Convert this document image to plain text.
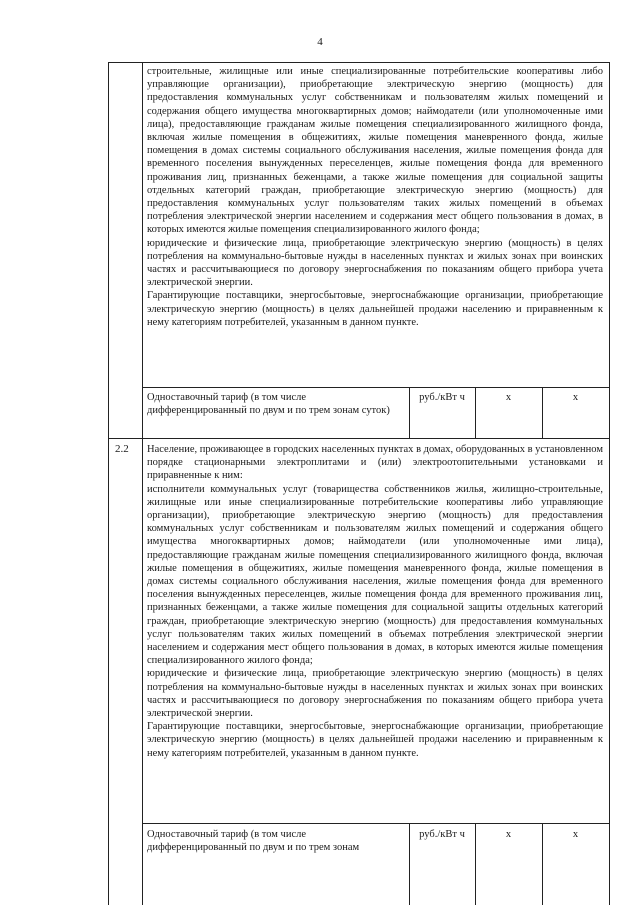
4

строительные, жилищные или иные специализированные потребительские кооперативы либо управляющие организации), приобретающие электрическую энергию (мощность) для предоставления коммунальных услуг собственникам и пользователям жилых помещений и содержания общего имущества многоквартирных домов; наймодатели (или уполномоченные ими лица), предоставляющие гражданам жилые помещения специализированного жилищного фонда, включая жилые помещения в общежитиях, жилые помещения маневренного фонда, жилые помещения в домах системы социального обслуживания населения, жилые помещения фонда для временного поселения вынужденных переселенцев, жилые помещения фонда для временного проживания лиц, признанных беженцами, а также жилые помещения для социальной защиты отдельных категорий граждан, приобретающие электрическую энергию (мощность) для предоставления коммунальных услуг пользователям таких жилых помещений в объемах потребления электрической энергии населением и содержания мест общего пользования в домах, в которых имеются жилые помещения специализированного жилого фонда;

юридические и физические лица, приобретающие электрическую энергию (мощность) в целях потребления на коммунально-бытовые нужды в населенных пунктах и жилых зонах при воинских частях и рассчитывающиеся по договору энергоснабжения по показаниям общего прибора учета электрической энергии.

Гарантирующие поставщики, энергосбытовые, энергоснабжающие организации, приобретающие электрическую энергию (мощность) в целях дальнейшей продажи населению и приравненным к нему категориям потребителей, указанным в данном пункте.

Одноставочный тариф (в том числе дифференцированный по двум и по трем зонам суток)
руб./кВт ч	x	x
2.2 Население, проживающее в городских населенных пунктах в домах, оборудованных в установленном порядке стационарными электроплитами и (или) электроотопительными установками и приравненные к ним:

исполнители коммунальных услуг (товарищества собственников жилья, жилищно-строительные, жилищные или иные специализированные потребительские кооперативы либо управляющие организации), приобретающие электрическую энергию (мощность) для предоставления коммунальных услуг собственникам и пользователям жилых помещений и содержания общего имущества многоквартирных домов; наймодатели (или уполномоченные ими лица), предоставляющие гражданам жилые помещения специализированного жилищного фонда, включая жилые помещения в общежитиях, жилые помещения маневренного фонда, жилые помещения в домах системы социального обслуживания населения, жилые помещения фонда для временного поселения вынужденных переселенцев, жилые помещения фонда для временного проживания лиц, признанных беженцами, а также жилые помещения для социальной защиты отдельных категорий граждан, приобретающие электрическую энергию (мощность) для предоставления коммунальных услуг пользователям таких жилых помещений в объемах потребления электрической энергии населением и содержания мест общего пользования в домах, в которых имеются жилые помещения специализированного жилого фонда;

юридические и физические лица, приобретающие электрическую энергию (мощность) в целях потребления на коммунально-бытовые нужды в населенных пунктах и жилых зонах при воинских частях и рассчитывающиеся по договору энергоснабжения по показаниям общего прибора учета электрической энергии.

Гарантирующие поставщики, энергосбытовые, энергоснабжающие организации, приобретающие электрическую энергию (мощность) в целях дальнейшей продажи населению и приравненным к нему категориям потребителей, указанным в данном пункте.

Одноставочный тариф (в том числе дифференцированный по двум и по трем зонам
руб./кВт ч	x	x
